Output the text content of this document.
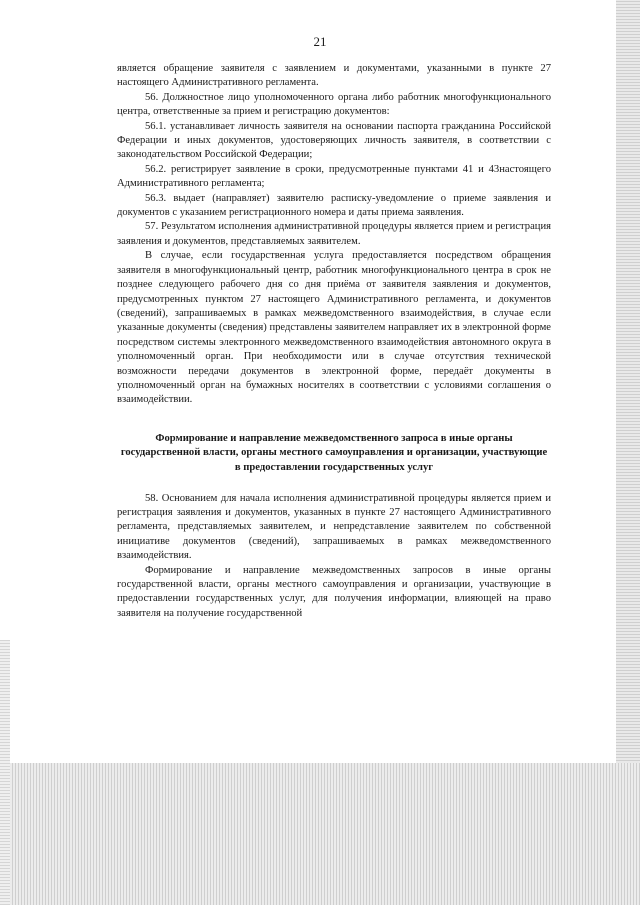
21

является обращение заявителя с заявлением и документами, указанными в пункте 27 настоящего Административного регламента.

56. Должностное лицо уполномоченного органа либо работник многофункционального центра, ответственные за прием и регистрацию документов:

56.1. устанавливает личность заявителя на основании паспорта гражданина Российской Федерации и иных документов, удостоверяющих личность заявителя, в соответствии с законодательством Российской Федерации;

56.2. регистрирует заявление в сроки, предусмотренные пунктами 41 и 43настоящего Административного регламента;

56.3. выдает (направляет) заявителю расписку-уведомление о приеме заявления и документов с указанием регистрационного номера и даты приема заявления.

57. Результатом исполнения административной процедуры является прием и регистрация заявления и документов, представляемых заявителем.

В случае, если государственная услуга предоставляется посредством обращения заявителя в многофункциональный центр, работник многофункционального центра в срок не позднее следующего рабочего дня со дня приёма от заявителя заявления и документов, предусмотренных пунктом 27 настоящего Административного регламента, и документов (сведений), запрашиваемых в рамках межведомственного взаимодействия, в случае если указанные документы (сведения) представлены заявителем направляет их в электронной форме посредством системы электронного межведомственного взаимодействия автономного округа в уполномоченный орган. При необходимости или в случае отсутствия технической возможности передачи документов в электронной форме, передаёт документы в уполномоченный орган на бумажных носителях в соответствии с условиями соглашения о взаимодействии.

Формирование и направление межведомственного запроса в иные органы государственной власти, органы местного самоуправления и организации, участвующие в предоставлении государственных услуг

58. Основанием для начала исполнения административной процедуры является прием и регистрация заявления и документов, указанных в пункте 27 настоящего Административного регламента, представляемых заявителем, и непредставление заявителем по собственной инициативе документов (сведений), запрашиваемых в рамках межведомственного взаимодействия.

Формирование и направление межведомственных запросов в иные органы государственной власти, органы местного самоуправления и организации, участвующие в предоставлении государственных услуг, для получения информации, влияющей на право заявителя на получение государственной
